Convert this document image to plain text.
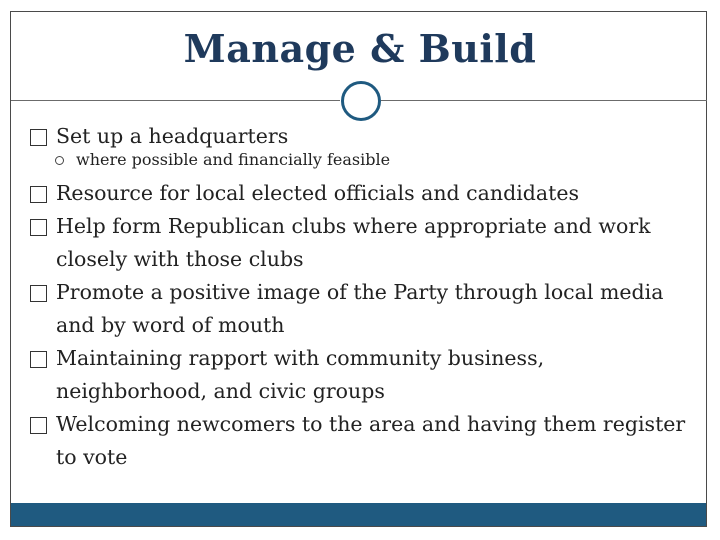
Manage & Build
Set up a headquarters
where possible and financially feasible
Resource for local elected officials and candidates
Help form Republican clubs where appropriate and work closely with those clubs
Promote a positive image of the Party through local media and by word of mouth
Maintaining rapport with community business, neighborhood, and civic groups
Welcoming newcomers to the area and having them register to vote
